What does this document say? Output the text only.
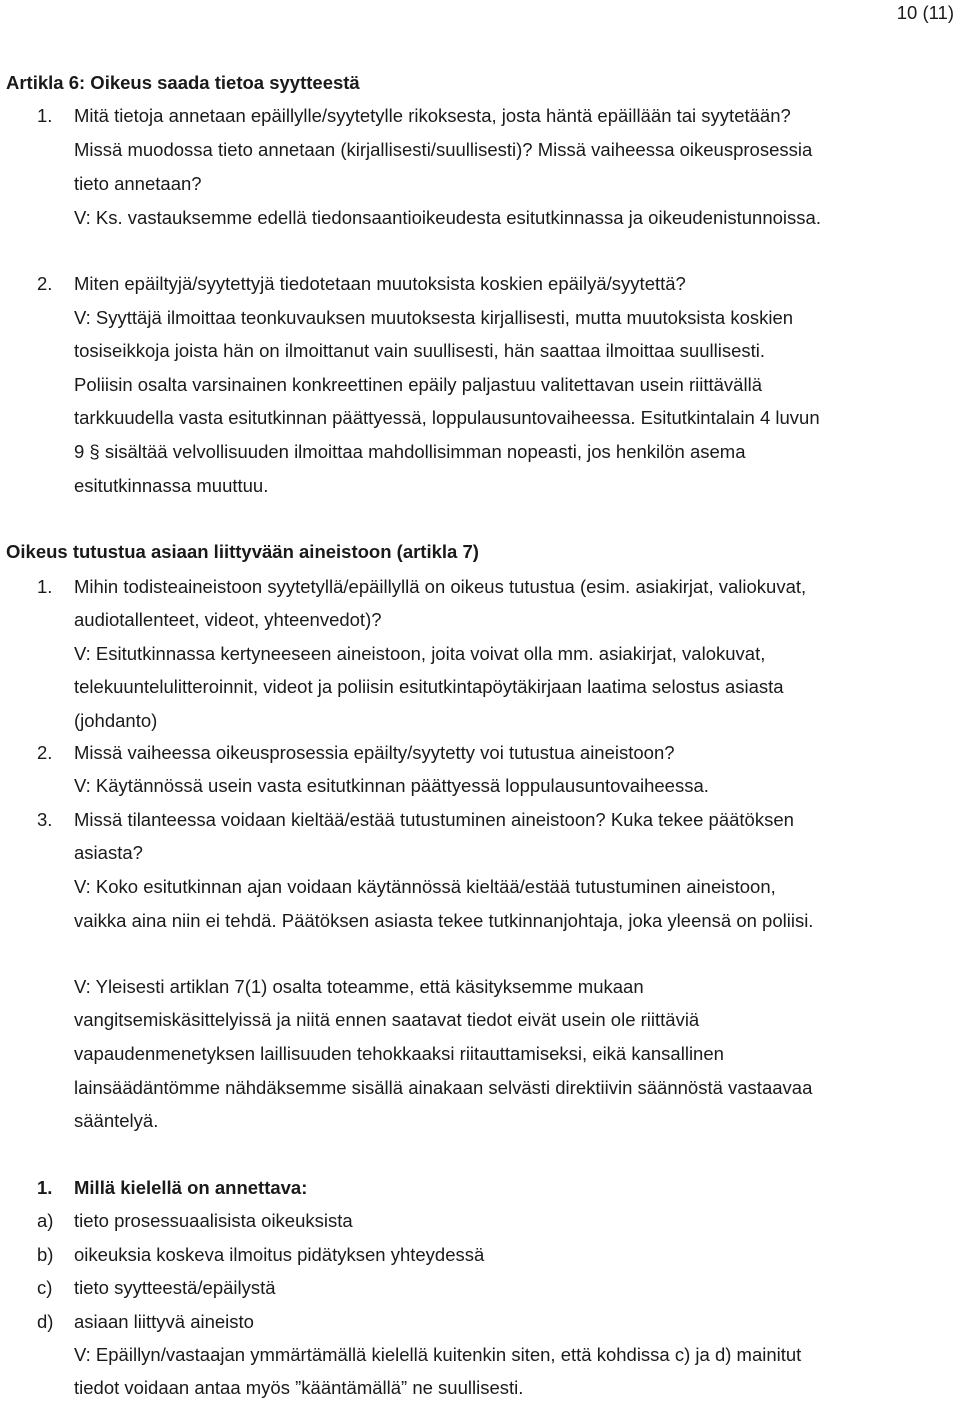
10 (11)
Artikla 6: Oikeus saada tietoa syytteestä
1. Mitä tietoja annetaan epäillylle/syytetylle rikoksesta, josta häntä epäillään tai syytetään?
Missä muodossa tieto annetaan (kirjallisesti/suullisesti)? Missä vaiheessa oikeusprosessia
tieto annetaan?
V: Ks. vastauksemme edellä tiedonsaantioikeudesta esitutkinnassa ja oikeudenistunnoissa.
2. Miten epäiltyjä/syytettyjä tiedotetaan muutoksista koskien epäilyä/syytettä?
V: Syyttäjä ilmoittaa teonkuvauksen muutoksesta kirjallisesti, mutta muutoksista koskien
tosiseikkoja joista hän on ilmoittanut vain suullisesti, hän saattaa ilmoittaa suullisesti.
Poliisin osalta varsinainen konkreettinen epäily paljastuu valitettavan usein riittävällä
tarkkuudella vasta esitutkinnan päättyessä, loppulausuntovaiheessa. Esitutkintalain 4 luvun
9 § sisältää velvollisuuden ilmoittaa mahdollisimman nopeasti, jos henkilön asema
esitutkinnassa muuttuu.
Oikeus tutustua asiaan liittyvään aineistoon (artikla 7)
1. Mihin todisteaineistoon syytetyllä/epäillyllä on oikeus tutustua (esim. asiakirjat, valiokuvat,
audiotallenteet, videot, yhteenvedot)?
V: Esitutkinnassa kertyneeseen aineistoon, joita voivat olla mm. asiakirjat, valokuvat,
telekuuntelulitteroinnit, videot ja poliisin esitutkintapöytäkirjaan laatima selostus asiasta
(johdanto)
2. Missä vaiheessa oikeusprosessia epäilty/syytetty voi tutustua aineistoon?
V: Käytännössä usein vasta esitutkinnan päättyessä loppulausuntovaiheessa.
3. Missä tilanteessa voidaan kieltää/estää tutustuminen aineistoon? Kuka tekee päätöksen
asiasta?
V: Koko esitutkinnan ajan voidaan käytännössä kieltää/estää tutustuminen aineistoon,
vaikka aina niin ei tehdä. Päätöksen asiasta tekee tutkinnanjohtaja, joka yleensä on poliisi.
V: Yleisesti artiklan 7(1) osalta toteamme, että käsityksemme mukaan
vangitsemiskäsittelyissä ja niitä ennen saatavat tiedot eivät usein ole riittäviä
vapaudenmenetyksen laillisuuden tehokkaaksi riitauttamiseksi, eikä kansallinen
lainsäädäntömme nähdäksemme sisällä ainakaan selvästi direktiivin säännöstä vastaavaa
sääntelyä.
1. Millä kielellä on annettava:
a) tieto prosessuaalisista oikeuksista
b) oikeuksia koskeva ilmoitus pidätyksen yhteydessä
c) tieto syytteestä/epäilystä
d) asiaan liittyvä aineisto
V: Epäillyn/vastaajan ymmärtämällä kielellä kuitenkin siten, että kohdissa c) ja d) mainitut
tiedot voidaan antaa myös ”kääntämällä” ne suullisesti.
